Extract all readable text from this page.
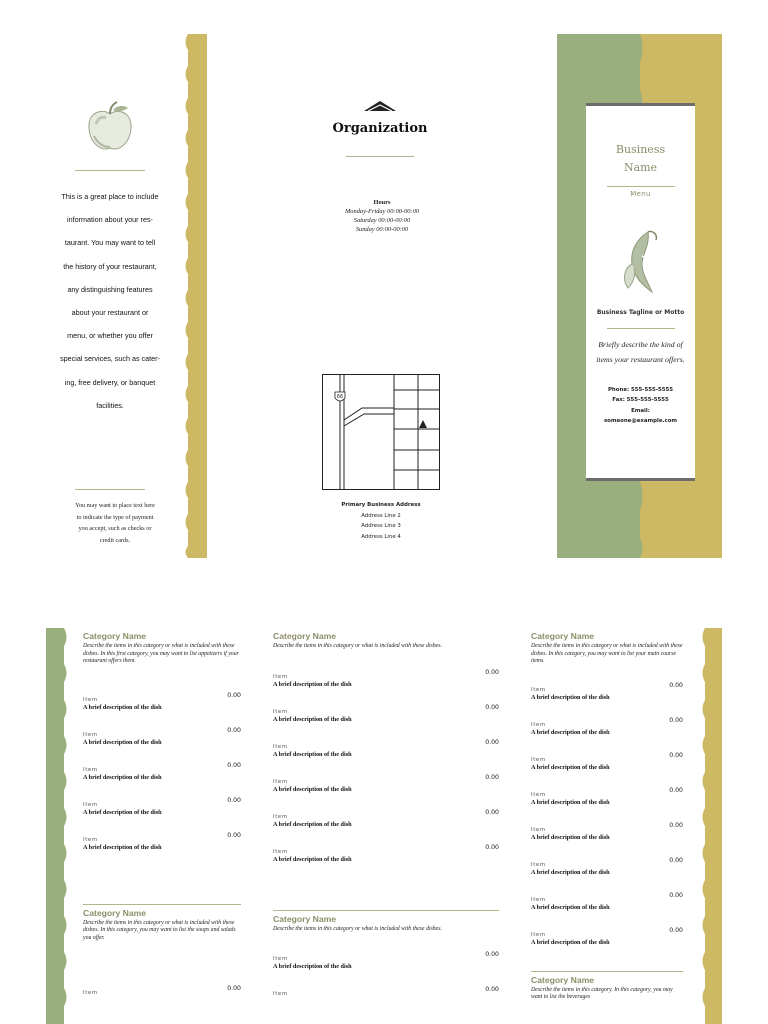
This is a great place to include
information about your res-
taurant. You may want to tell
the history of your restaurant,
any distinguishing features
about your restaurant or
menu, or whether you offer
special services, such as cater-
ing, free delivery, or banquet
facilities.
You may want to place text here
to indicate the type of payment
you accept, such as checks or
credit cards.
Organization
Hours
Monday-Friday 00:00-00:00
Saturday 00:00-00:00
Sunday 00:00-00:00
66
Primary Business Address
Address Line 2
Address Line 3
Address Line 4
Business Name
Menu
Business Tagline or Motto
Briefly describe the kind of items your restaurant offers.
Phone: 555-555-5555
Fax: 555-555-5555
Email:
someone@example.com
Category Name
Describe the items in this category or what is included with these dishes. In this first category, you may want to list appetizers if your restaurant offers them.
Item
0.00
A brief description of the dish
Item
0.00
A brief description of the dish
Item
0.00
A brief description of the dish
Item
0.00
A brief description of the dish
Item
0.00
A brief description of the dish
Category Name
Describe the items in this category or what is included with these dishes. In this category, you may want to list the soups and salads you offer.
Item
0.00
Category Name
Describe the items in this category or what is included with these dishes.
Item
0.00
A brief description of the dish
Item
0.00
A brief description of the dish
Item
0.00
A brief description of the dish
Item
0.00
A brief description of the dish
Item
0.00
A brief description of the dish
Item
0.00
A brief description of the dish
Category Name
Describe the items in this category or what is included with these dishes.
Item
0.00
A brief description of the dish
Item
0.00
Category Name
Describe the items in this category or what is included with these dishes. In this category, you may want to list your main course items.
Item
0.00
A brief description of the dish
Item
0.00
A brief description of the dish
Item
0.00
A brief description of the dish
Item
0.00
A brief description of the dish
Item
0.00
A brief description of the dish
Item
0.00
A brief description of the dish
Item
0.00
A brief description of the dish
Item
0.00
A brief description of the dish
Category Name
Describe the items in this category. In this category, you may want to list the beverages
